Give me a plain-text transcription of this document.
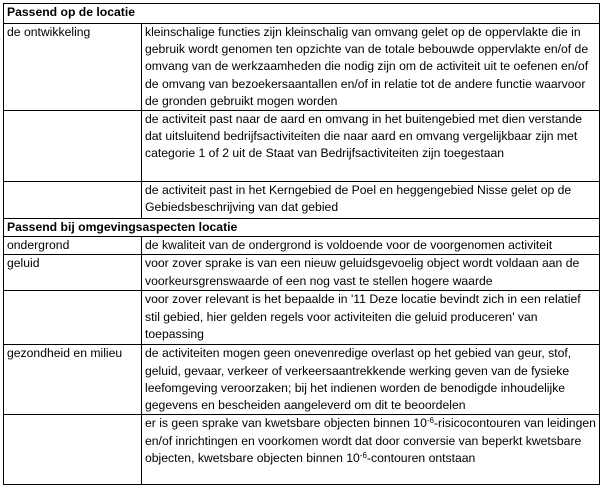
Passend op de locatie	
de ontwikkeling	kleinschalige functies zijn kleinschalig van omvang gelet op de oppervlakte die in gebruik wordt genomen ten opzichte van de totale bebouwde oppervlakte en/of de omvang van de werkzaamheden die nodig zijn om de activiteit uit te oefenen en/of de omvang van bezoekersaantallen en/of in relatie tot de andere functie waarvoor de gronden gebruikt mogen worden
	de activiteit past naar de aard en omvang in het buitengebied met dien verstande dat uitsluitend bedrijfsactiviteiten die naar aard en omvang vergelijkbaar zijn met categorie 1 of 2 uit de Staat van Bedrijfsactiviteiten zijn toegestaan
	de activiteit past in het Kerngebied de Poel en heggengebied Nisse gelet op de Gebiedsbeschrijving van dat gebied
Passend bij omgevingsaspecten locatie	
ondergrond	de kwaliteit van de ondergrond is voldoende voor de voorgenomen activiteit
geluid	voor zover sprake is van een nieuw geluidsgevoelig object wordt voldaan aan de voorkeursgrenswaarde of een nog vast te stellen hogere waarde
	voor zover relevant is het bepaalde in '11 Deze locatie bevindt zich in een relatief stil gebied, hier gelden regels voor activiteiten die geluid produceren' van toepassing
gezondheid en milieu	de activiteiten mogen geen onevenredige overlast op het gebied van geur, stof, geluid, gevaar, verkeer of verkeersaantrekkende werking geven van de fysieke leefomgeving veroorzaken; bij het indienen worden de benodigde inhoudelijke gegevens en bescheiden aangeleverd om dit te beoordelen
	er is geen sprake van kwetsbare objecten binnen $10^{-6}$-risicocontouren van leidingen en/of inrichtingen en voorkomen wordt dat door conversie van beperkt kwetsbare objecten, kwetsbare objecten binnen $10^{-6}$-contouren ontstaan
